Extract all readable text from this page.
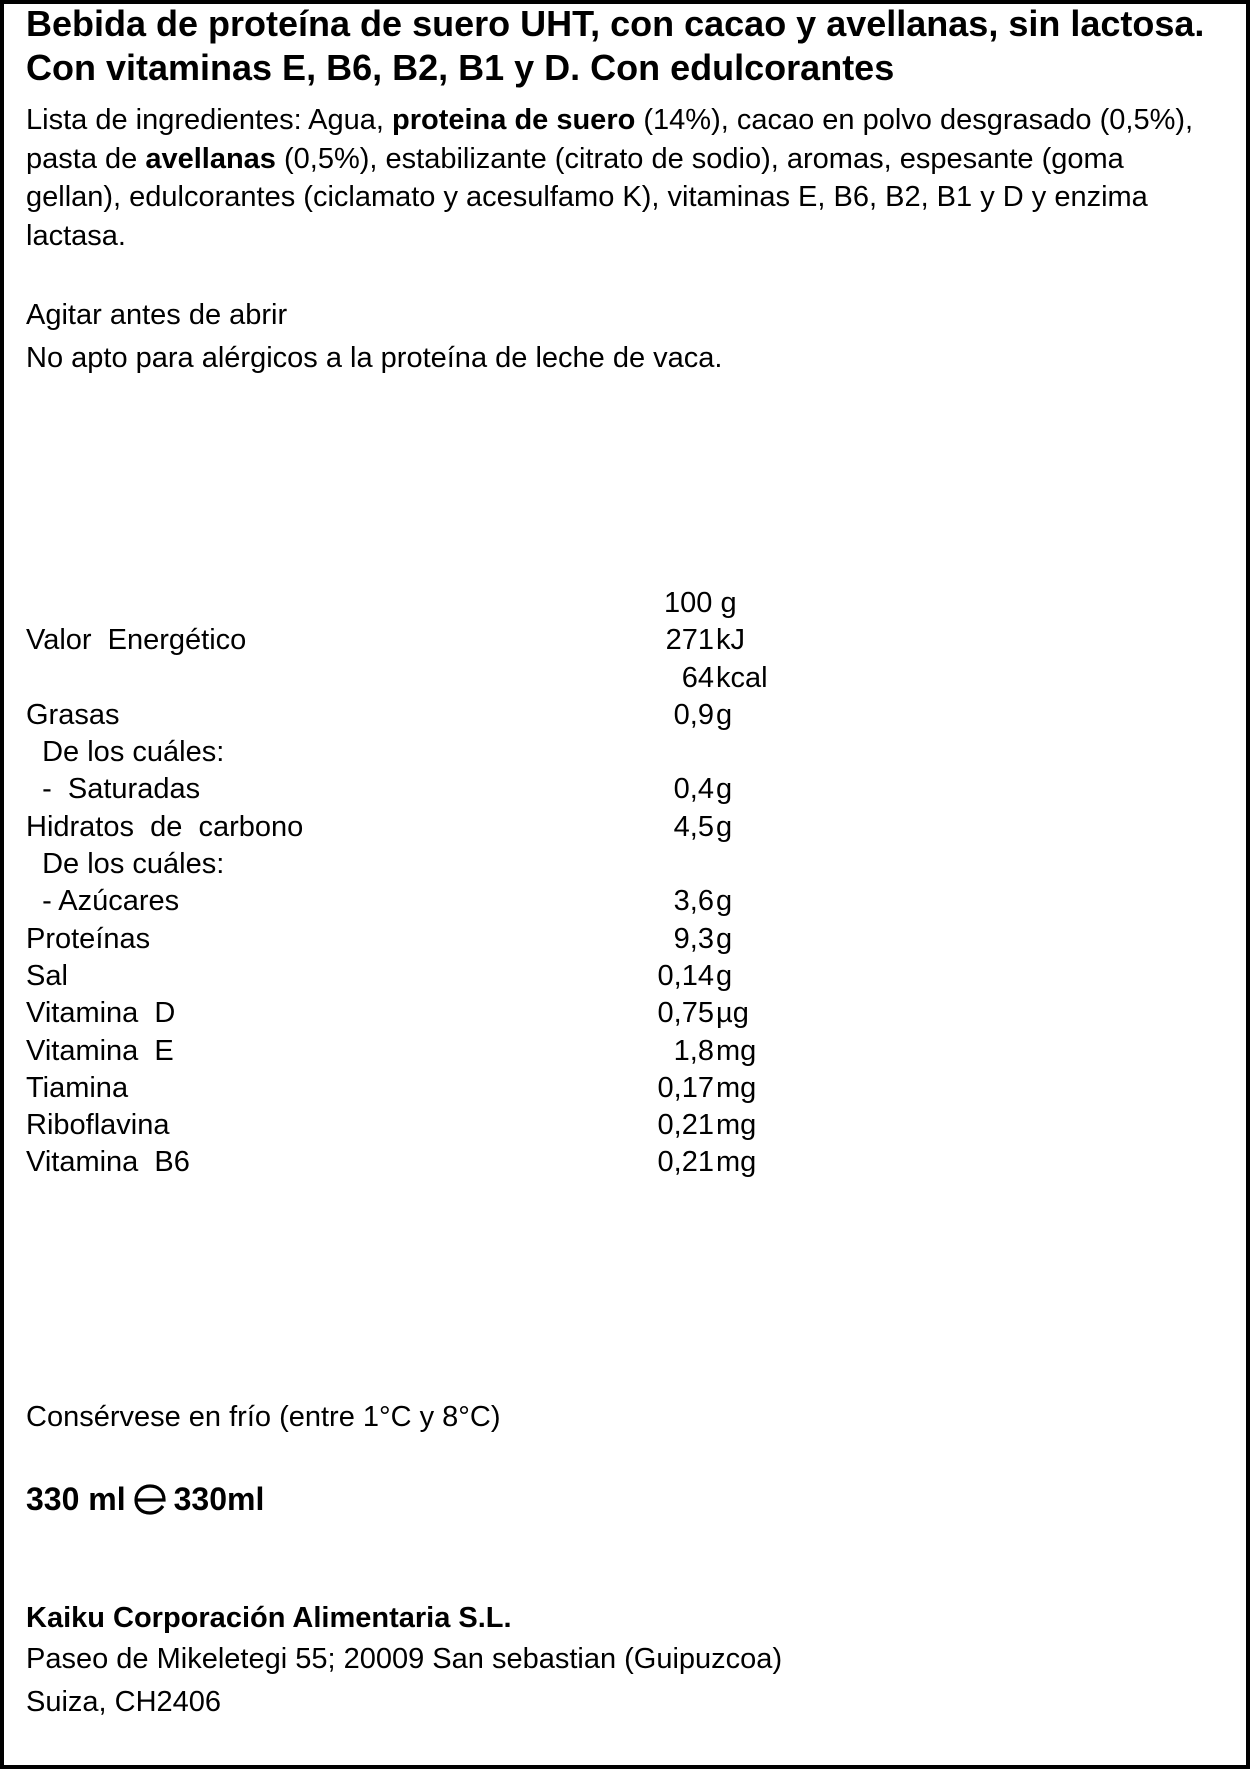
Bebida de proteína de suero UHT, con cacao y avellanas, sin lactosa. Con vitaminas E, B6, B2, B1 y D. Con edulcorantes

Lista de ingredientes: Agua, proteina de suero (14%), cacao en polvo desgrasado (0,5%), pasta de avellanas (0,5%), estabilizante (citrato de sodio), aromas, espesante (goma gellan), edulcorantes (ciclamato y acesulfamo K), vitaminas E, B6, B2, B1 y D y enzima lactasa.

Agitar antes de abrir

No apto para alérgicos a la proteína de leche de vaca.

100 g
Valor  Energético	271 kJ
64 kcal
Grasas	0,9 g
De los cuáles:
-  Saturadas	0,4 g
Hidratos  de  carbono	4,5 g
De los cuáles:
- Azúcares	3,6 g
Proteínas	9,3 g
Sal	0,14 g
Vitamina  D	0,75 µg
Vitamina  E	1,8 mg
Tiamina	0,17 mg
Riboflavina	0,21 mg
Vitamina  B6	0,21 mg

Consérvese en frío (entre 1°C y 8°C)

330 ml 330ml

Kaiku Corporación Alimentaria S.L.

Paseo de Mikeletegi 55; 20009 San sebastian (Guipuzcoa)

Suiza, CH2406
